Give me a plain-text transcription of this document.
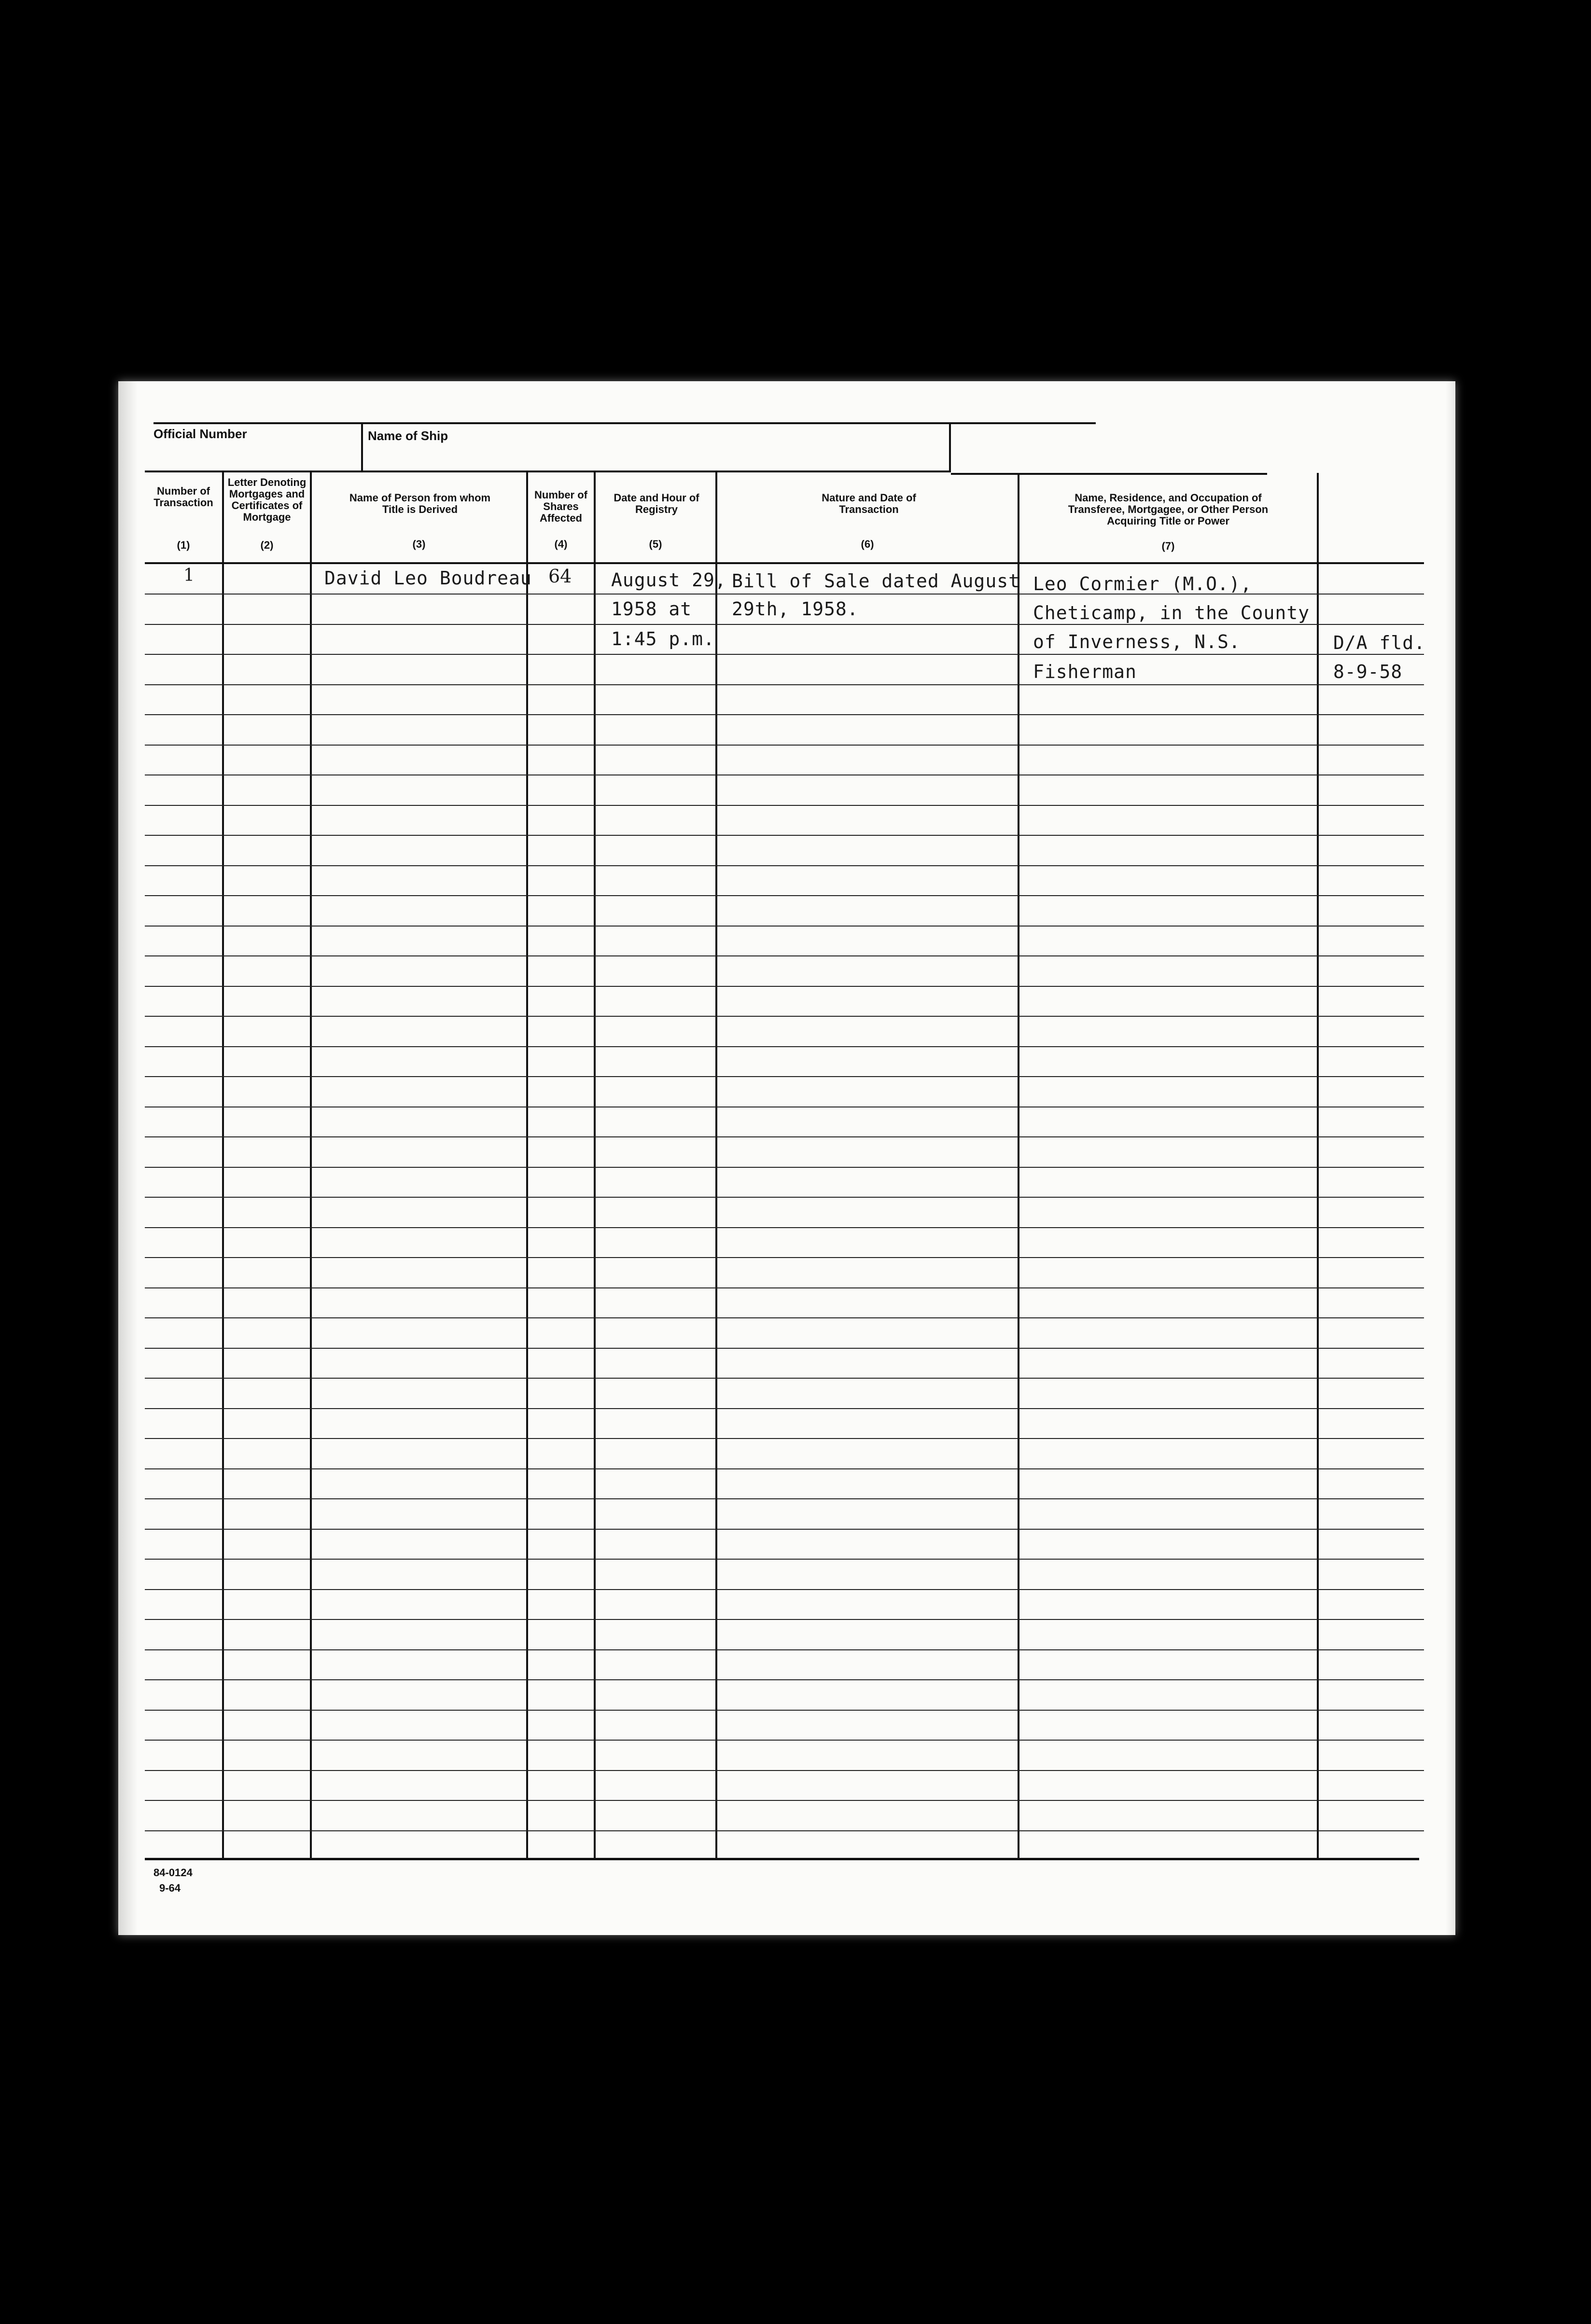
Official Number	Name of Ship
Number of Transaction
(1)
Letter Denoting Mortgages and Certificates of Mortgage
(2)
Name of Person from whom Title is Derived
(3)
Number of Shares Affected
(4)
Date and Hour of Registry
(5)
Nature and Date of Transaction
(6)
Name, Residence, and Occupation of Transferee, Mortgagee, or Other Person Acquiring Title or Power
(7)
1	David Leo Boudreau 64 August 29,
1958 at
1:45 p.m.
Bill of Sale dated August
29th, 1958.
Leo Cormier (M.O.),
Cheticamp, in the County
of Inverness, N.S.
Fisherman
D/A fld.
8-9-58
84-0124
9-64
